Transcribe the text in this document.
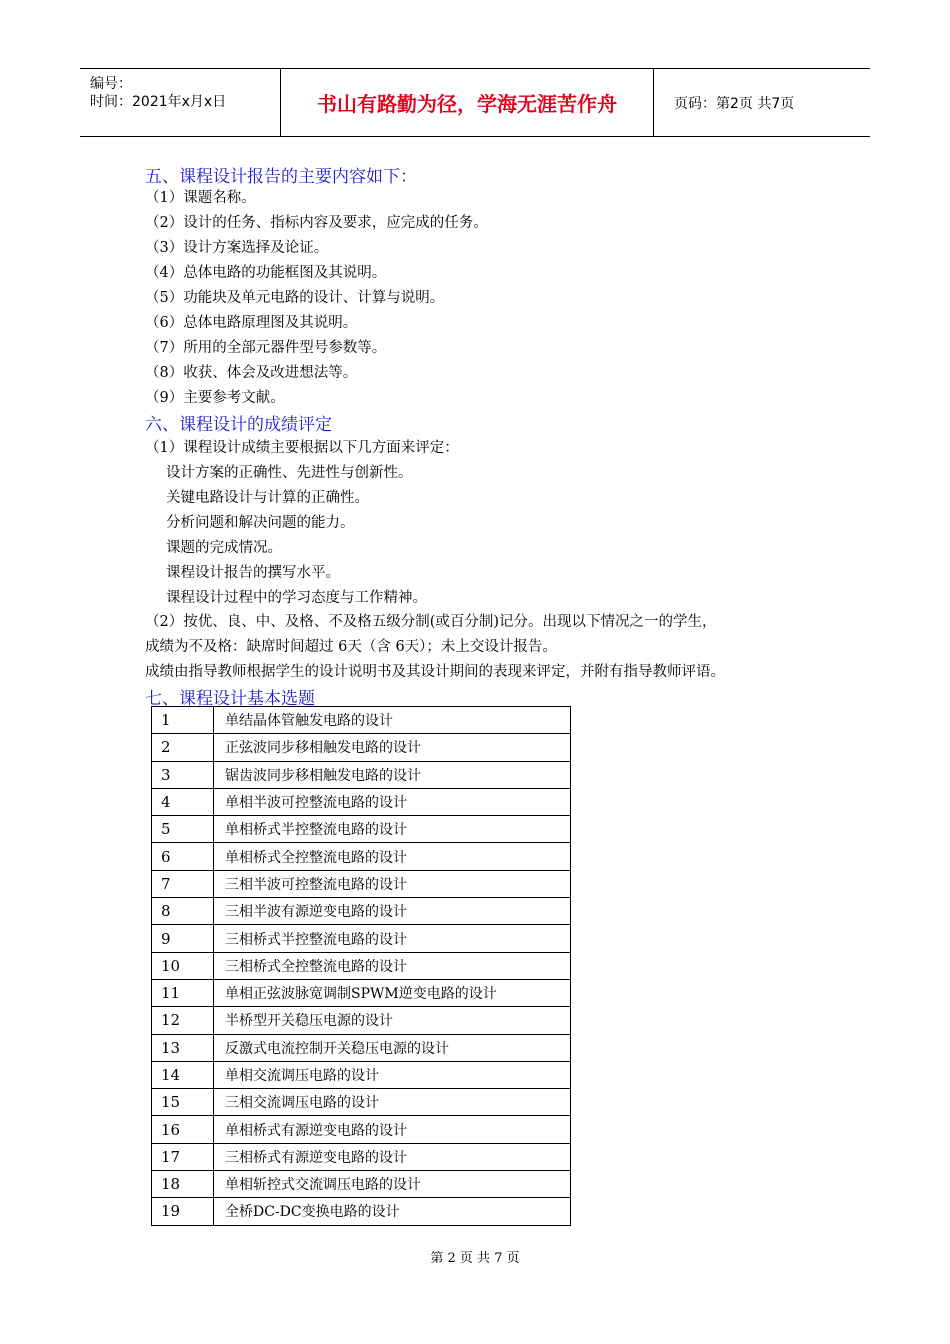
编号：
时间：2021年x月x日	书山有路勤为径，学海无涯苦作舟	页码：第2页 共7页
五、课程设计报告的主要内容如下：
（1）课题名称。
（2）设计的任务、指标内容及要求，应完成的任务。
（3）设计方案选择及论证。
（4）总体电路的功能框图及其说明。
（5）功能块及单元电路的设计、计算与说明。
（6）总体电路原理图及其说明。
（7）所用的全部元器件型号参数等。
（8）收获、体会及改进想法等。
（9）主要参考文献。
六、课程设计的成绩评定
（1）课程设计成绩主要根据以下几方面来评定：
设计方案的正确性、先进性与创新性。
关键电路设计与计算的正确性。
分析问题和解决问题的能力。
课题的完成情况。
课程设计报告的撰写水平。
课程设计过程中的学习态度与工作精神。
（2）按优、良、中、及格、不及格五级分制(或百分制)记分。出现以下情况之一的学生，
成绩为不及格：缺席时间超过 6天（含 6天）；未上交设计报告。
成绩由指导教师根据学生的设计说明书及其设计期间的表现来评定，并附有指导教师评语。
七、课程设计基本选题
1	单结晶体管触发电路的设计
2	正弦波同步移相触发电路的设计
3	锯齿波同步移相触发电路的设计
4	单相半波可控整流电路的设计
5	单相桥式半控整流电路的设计
6	单相桥式全控整流电路的设计
7	三相半波可控整流电路的设计
8	三相半波有源逆变电路的设计
9	三相桥式半控整流电路的设计
10	三相桥式全控整流电路的设计
11	单相正弦波脉宽调制SPWM逆变电路的设计
12	半桥型开关稳压电源的设计
13	反激式电流控制开关稳压电源的设计
14	单相交流调压电路的设计
15	三相交流调压电路的设计
16	单相桥式有源逆变电路的设计
17	三相桥式有源逆变电路的设计
18	单相斩控式交流调压电路的设计
19	全桥DC-DC变换电路的设计
第 2 页 共 7 页
